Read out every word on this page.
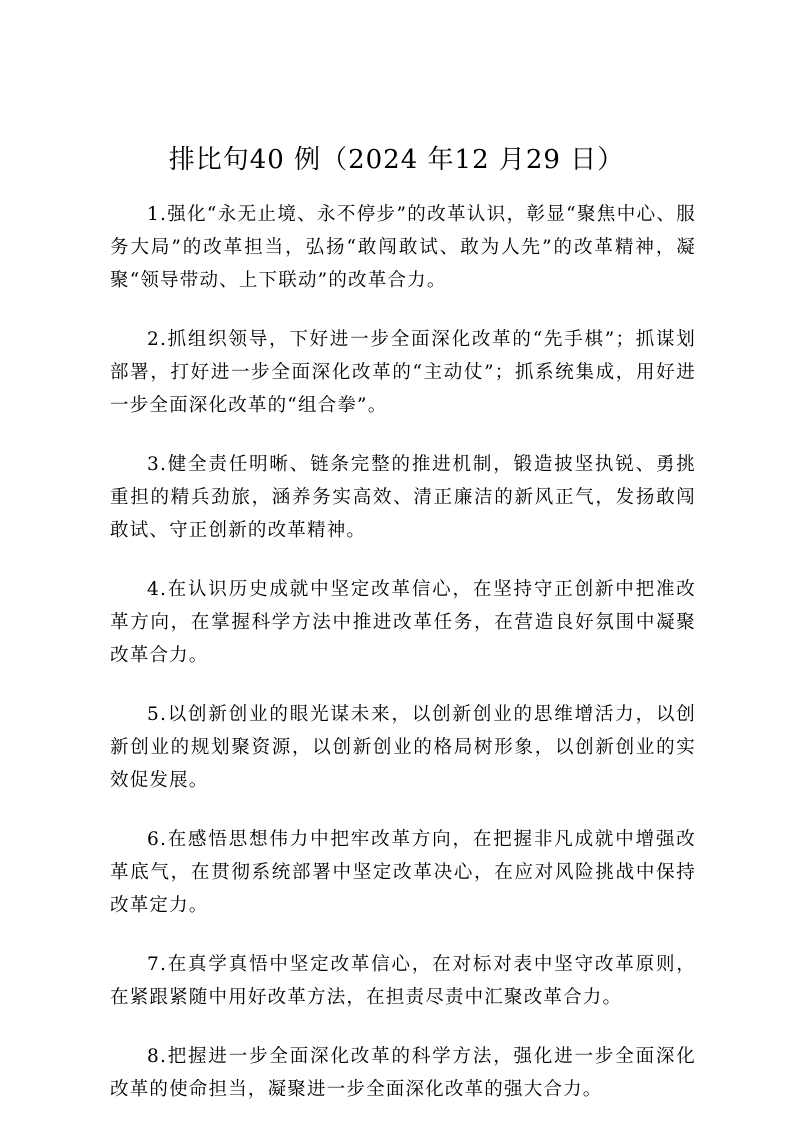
排比句40 例（2024 年12 月29 日）

1.强化“永无止境、永不停步”的改革认识，彰显“聚焦中心、服务大局”的改革担当，弘扬“敢闯敢试、敢为人先”的改革精神，凝聚“领导带动、上下联动”的改革合力。

2.抓组织领导，下好进一步全面深化改革的“先手棋”；抓谋划部署，打好进一步全面深化改革的“主动仗”；抓系统集成，用好进一步全面深化改革的“组合拳”。

3.健全责任明晰、链条完整的推进机制，锻造披坚执锐、勇挑重担的精兵劲旅，涵养务实高效、清正廉洁的新风正气，发扬敢闯敢试、守正创新的改革精神。

4.在认识历史成就中坚定改革信心，在坚持守正创新中把准改革方向，在掌握科学方法中推进改革任务，在营造良好氛围中凝聚改革合力。

5.以创新创业的眼光谋未来，以创新创业的思维增活力，以创新创业的规划聚资源，以创新创业的格局树形象，以创新创业的实效促发展。

6.在感悟思想伟力中把牢改革方向，在把握非凡成就中增强改革底气，在贯彻系统部署中坚定改革决心，在应对风险挑战中保持改革定力。

7.在真学真悟中坚定改革信心，在对标对表中坚守改革原则，在紧跟紧随中用好改革方法，在担责尽责中汇聚改革合力。

8.把握进一步全面深化改革的科学方法，强化进一步全面深化改革的使命担当，凝聚进一步全面深化改革的强大合力。
